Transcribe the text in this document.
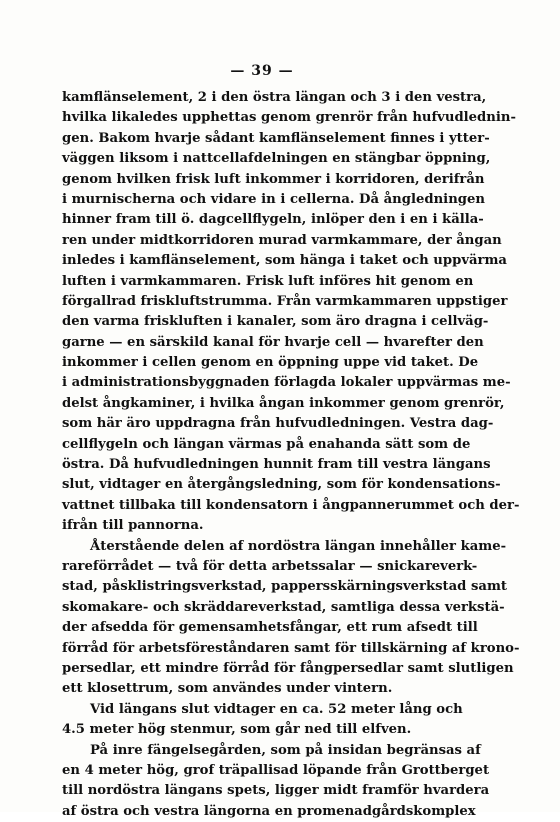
— 39 —
kamflänselement, 2 i den östra längan och 3 i den vestra,
hvilka likaledes upphettas genom grenrör från hufvudlednin-
gen. Bakom hvarje sådant kamflänselement finnes i ytter-
väggen liksom i nattcellafdelningen en stängbar öppning,
genom hvilken frisk luft inkommer i korridoren, derifrån
i murnischerna och vidare in i cellerna. Då ångledningen
hinner fram till ö. dagcellflygeln, inlöper den i en i källa-
ren under midtkorridoren murad varmkammare, der ångan
inledes i kamflänselement, som hänga i taket och uppvärma
luften i varmkammaren. Frisk luft införes hit genom en
förgallrad friskluftstrumma. Från varmkammaren uppstiger
den varma friskluften i kanaler, som äro dragna i cellväg-
garne — en särskild kanal för hvarje cell — hvarefter den
inkommer i cellen genom en öppning uppe vid taket. De
i administrationsbyggnaden förlagda lokaler uppvärmas me-
delst ångkaminer, i hvilka ångan inkommer genom grenrör,
som här äro uppdragna från hufvudledningen. Vestra dag-
cellflygeln och längan värmas på enahanda sätt som de
östra. Då hufvudledningen hunnit fram till vestra längans
slut, vidtager en återgångsledning, som för kondensations-
vattnet tillbaka till kondensatorn i ångpannerummet och der-
ifrån till pannorna.
Återstående delen af nordöstra längan innehåller kame-
rareförrådet — två för detta arbetssalar — snickareverk-
stad, påsklistringsverkstad, pappersskärningsverkstad samt
skomakare- och skräddareverkstad, samtliga dessa verkstä-
der afsedda för gemensamhetsfångar, ett rum afsedt till
förråd för arbetsföreståndaren samt för tillskärning af krono-
persedlar, ett mindre förråd för fångpersedlar samt slutligen
ett klosettrum, som användes under vintern.
Vid längans slut vidtager en ca. 52 meter lång och
4.5 meter hög stenmur, som går ned till elfven.
På inre fängelsegården, som på insidan begränsas af
en 4 meter hög, grof träpallisad löpande från Grottberget
till nordöstra längans spets, ligger midt framför hvardera
af östra och vestra längorna en promenadgårdskomplex
